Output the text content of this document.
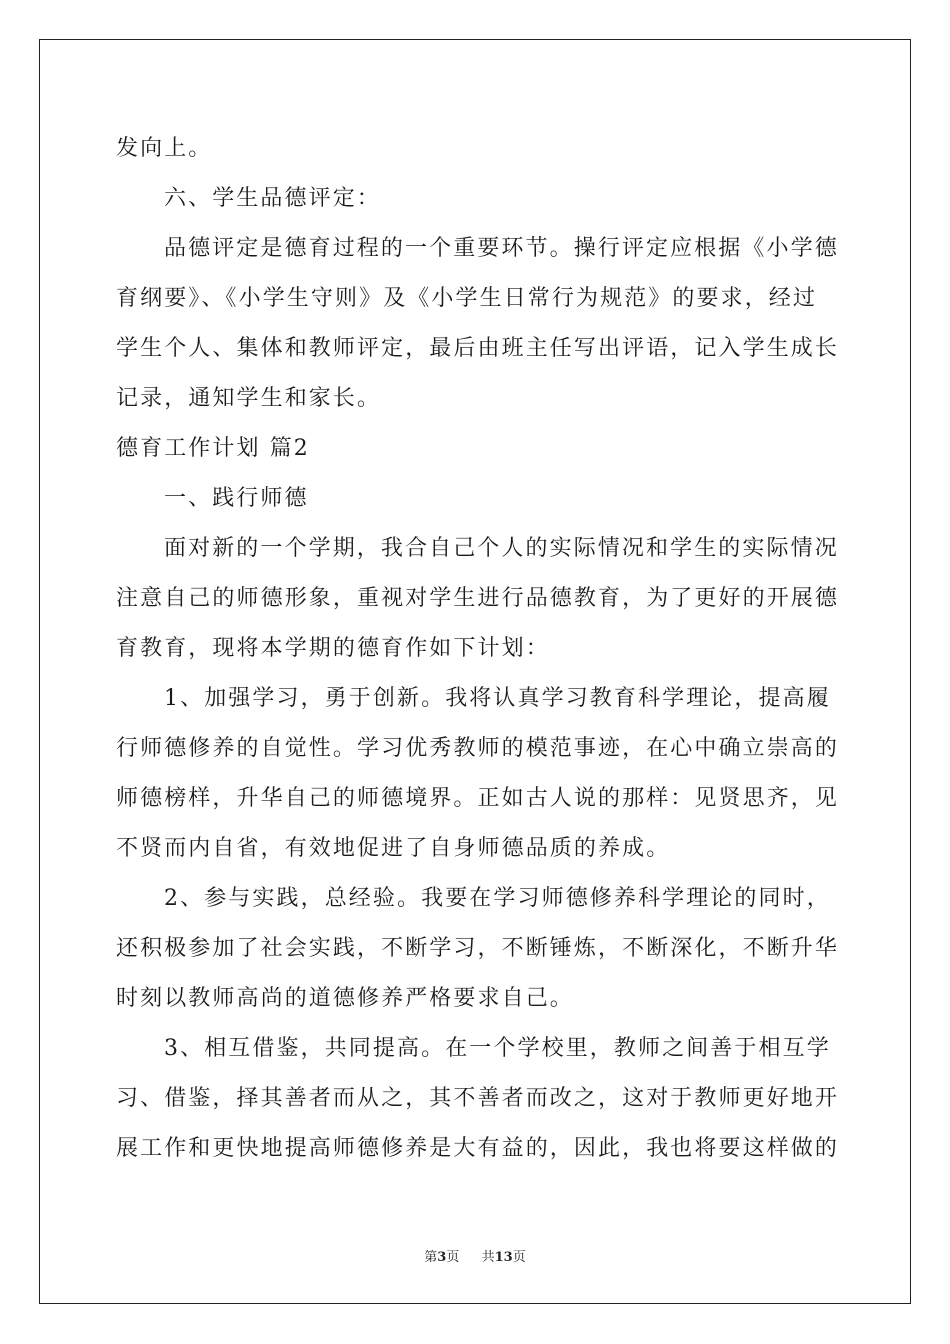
发向上。
六、学生品德评定：
品德评定是德育过程的一个重要环节。操行评定应根据《小学德
育纲要》、《小学生守则》及《小学生日常行为规范》的要求，经过
学生个人、集体和教师评定，最后由班主任写出评语，记入学生成长
记录，通知学生和家长。
德育工作计划 篇2
一、践行师德
面对新的一个学期，我合自己个人的实际情况和学生的实际情况
注意自己的师德形象，重视对学生进行品德教育，为了更好的开展德
育教育，现将本学期的德育作如下计划：
1、加强学习，勇于创新。我将认真学习教育科学理论，提高履
行师德修养的自觉性。学习优秀教师的模范事迹，在心中确立崇高的
师德榜样，升华自己的师德境界。正如古人说的那样：见贤思齐，见
不贤而内自省，有效地促进了自身师德品质的养成。
2、参与实践，总经验。我要在学习师德修养科学理论的同时，
还积极参加了社会实践，不断学习，不断锤炼，不断深化，不断升华
时刻以教师高尚的道德修养严格要求自己。
3、相互借鉴，共同提高。在一个学校里，教师之间善于相互学
习、借鉴，择其善者而从之，其不善者而改之，这对于教师更好地开
展工作和更快地提高师德修养是大有益的，因此，我也将要这样做的
第3页 共13页
